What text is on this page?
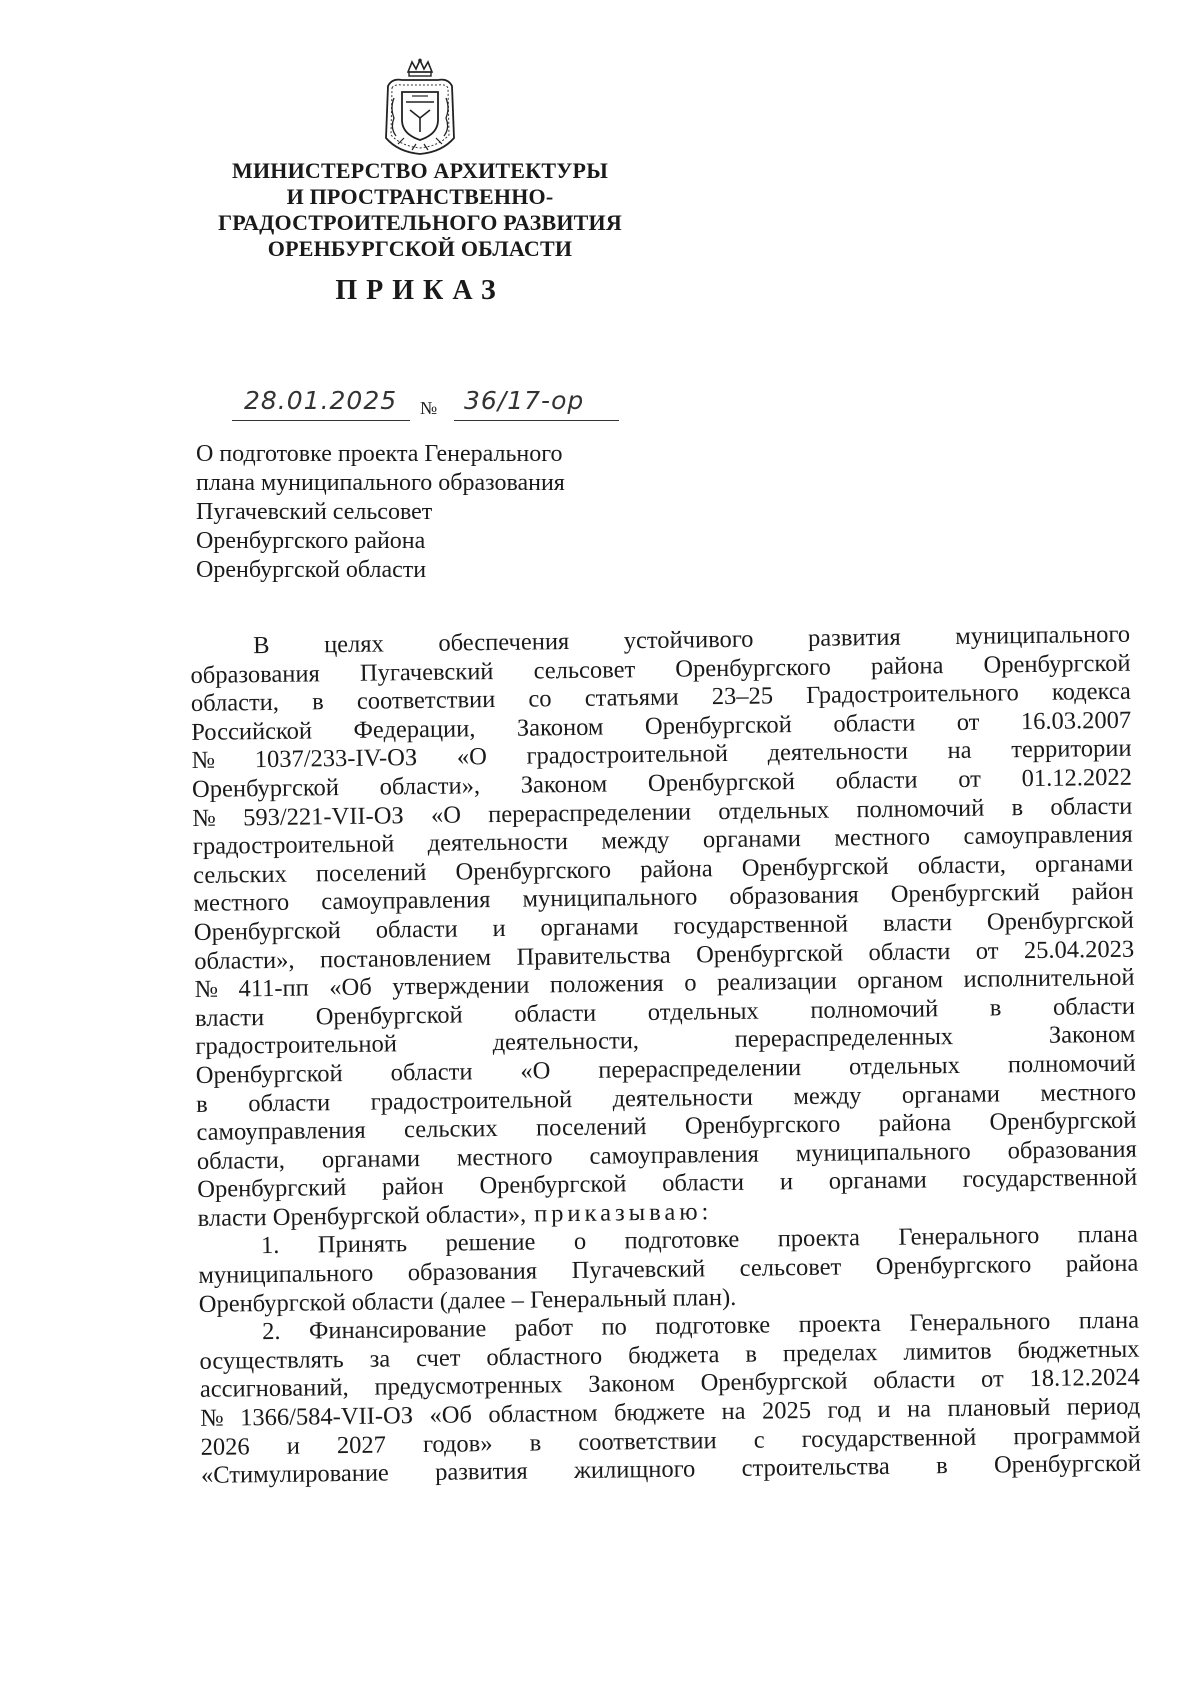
МИНИСТЕРСТВО АРХИТЕКТУРЫ
И ПРОСТРАНСТВЕННО-
ГРАДОСТРОИТЕЛЬНОГО РАЗВИТИЯ
ОРЕНБУРГСКОЙ ОБЛАСТИ
ПРИКАЗ
28.01.2025 № 36/17-ор
О подготовке проекта Генерального
плана муниципального образования
Пугачевский сельсовет
Оренбургского района
Оренбургской области
В целях обеспечения устойчивого развития муниципального
образования Пугачевский сельсовет Оренбургского района Оренбургской
области, в соответствии со статьями 23–25 Градостроительного кодекса
Российской Федерации, Законом Оренбургской области от 16.03.2007
№ 1037/233-IV-ОЗ «О градостроительной деятельности на территории
Оренбургской области», Законом Оренбургской области от 01.12.2022
№ 593/221-VII-ОЗ «О перераспределении отдельных полномочий в области
градостроительной деятельности между органами местного самоуправления
сельских поселений Оренбургского района Оренбургской области, органами
местного самоуправления муниципального образования Оренбургский район
Оренбургской области и органами государственной власти Оренбургской
области», постановлением Правительства Оренбургской области от 25.04.2023
№ 411-пп «Об утверждении положения о реализации органом исполнительной
власти Оренбургской области отдельных полномочий в области
градостроительной	деятельности,	перераспределенных	Законом
Оренбургской области «О перераспределении отдельных полномочий
в области градостроительной деятельности между органами местного
самоуправления сельских поселений Оренбургского района Оренбургской
области, органами местного самоуправления муниципального образования
Оренбургский район Оренбургской области и органами государственной
власти Оренбургской области», приказываю:
1. Принять решение о подготовке проекта Генерального плана
муниципального образования Пугачевский сельсовет Оренбургского района
Оренбургской области (далее – Генеральный план).
2. Финансирование работ по подготовке проекта Генерального плана
осуществлять за счет областного бюджета в пределах лимитов бюджетных
ассигнований, предусмотренных Законом Оренбургской области от 18.12.2024
№ 1366/584-VII-ОЗ «Об областном бюджете на 2025 год и на плановый период
2026 и 2027 годов» в соответствии с государственной программой
«Стимулирование развития жилищного строительства в Оренбургской
